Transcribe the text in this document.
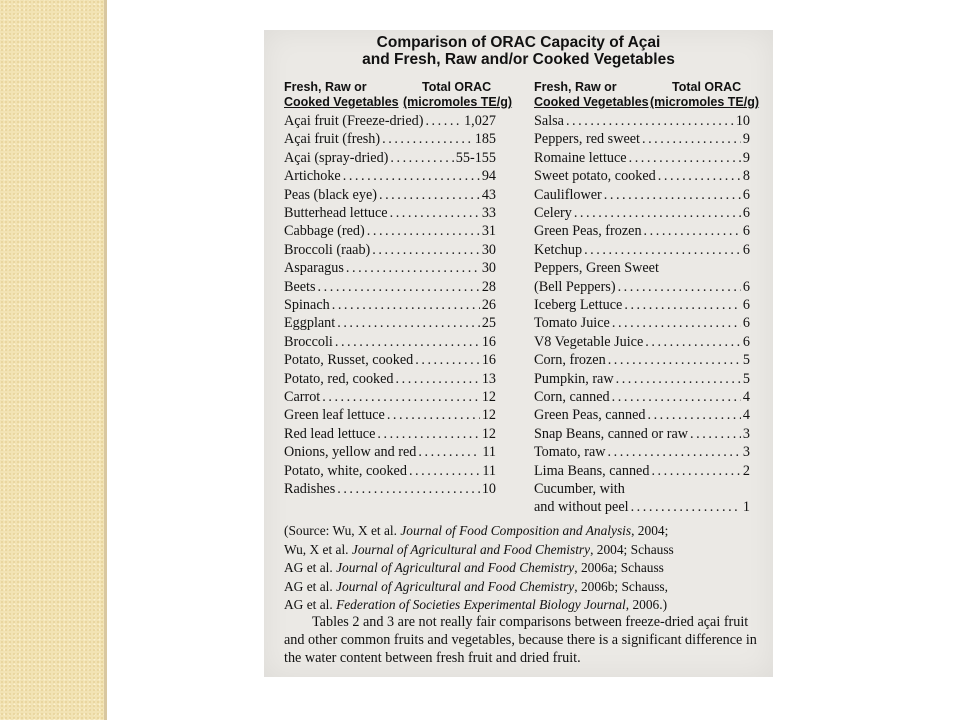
Comparison of ORAC Capacity of Açai
and Fresh, Raw and/or Cooked Vegetables
Fresh, Raw or
Cooked Vegetables
Total ORAC
(micromoles TE/g)
Fresh, Raw or
Cooked Vegetables
Total ORAC
(micromoles TE/g)
Açai fruit (Freeze-dried) . . .	1,027
Açai fruit (fresh) . . .	185
Açai (spray-dried) . . .	55-155
Artichoke . . .	94
Peas (black eye) . . .	43
Butterhead lettuce . . .	33
Cabbage (red) . . .	31
Broccoli (raab) . . .	30
Asparagus . . .	30
Beets . . .	28
Spinach . . .	26
Eggplant . . .	25
Broccoli . . .	16
Potato, Russet, cooked . . .	16
Potato, red, cooked . . .	13
Carrot . . .	12
Green leaf lettuce . . .	12
Red lead lettuce . . .	12
Onions, yellow and red . . .	11
Potato, white, cooked . . .	11
Radishes . . .	10
Salsa . . .	10
Peppers, red sweet . . .	9
Romaine lettuce . . .	9
Sweet potato, cooked . . .	8
Cauliflower . . .	6
Celery . . .	6
Green Peas, frozen . . .	6
Ketchup . . .	6
Peppers, Green Sweet
(Bell Peppers) . . .	6
Iceberg Lettuce . . .	6
Tomato Juice . . .	6
V8 Vegetable Juice . . .	6
Corn, frozen . . .	5
Pumpkin, raw . . .	5
Corn, canned . . .	4
Green Peas, canned . . .	4
Snap Beans, canned or raw . . .	3
Tomato, raw . . .	3
Lima Beans, canned . . .	2
Cucumber, with
and without peel . . .	1
(Source: Wu, X et al. Journal of Food Composition and Analysis, 2004;
Wu, X et al. Journal of Agricultural and Food Chemistry, 2004; Schauss
AG et al. Journal of Agricultural and Food Chemistry, 2006a; Schauss
AG et al. Journal of Agricultural and Food Chemistry, 2006b; Schauss,
AG et al. Federation of Societies Experimental Biology Journal, 2006.)
Tables 2 and 3 are not really fair comparisons between freeze-dried açai fruit and other common fruits and vegetables, because there is a significant difference in the water content between fresh fruit and dried fruit.
